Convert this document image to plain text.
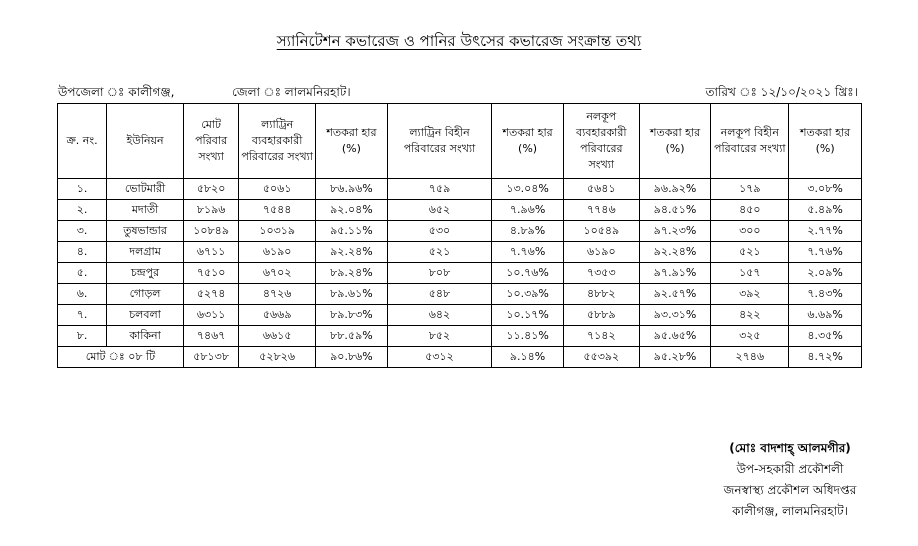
স্যানিটেশন কভারেজ ও পানির উৎসের কভারেজ সংক্রান্ত তথ্য
উপজেলা ঃ কালীগঞ্জ,	জেলা ঃ লালমনিরহাট।	তারিখ ঃ ১২/১০/২০২১ খ্রিঃ।
ক্র. নং.	ইউনিয়ন	মোট পরিবার সংখ্যা	ল্যাট্রিন ব্যবহারকারী পরিবারের সংখ্যা	শতকরা হার (%)	ল্যাট্রিন বিহীন পরিবারের সংখ্যা	শতকরা হার (%)	নলকূপ ব্যবহারকারী পরিবারের সংখ্যা	শতকরা হার (%)	নলকূপ বিহীন পরিবারের সংখ্যা	শতকরা হার (%)
১.	ভোটমারী	৫৮২০	৫০৬১	৮৬.৯৬%	৭৫৯	১৩.০৪%	৫৬৪১	৯৬.৯২%	১৭৯	৩.০৮%
২.	মদাতী	৮১৯৬	৭৫৪৪	৯২.০৪%	৬৫২	৭.৯৬%	৭৭৪৬	৯৪.৫১%	৪৫০	৫.৪৯%
৩.	তুষভান্ডার	১০৮৪৯	১০৩১৯	৯৫.১১%	৫৩০	৪.৮৯%	১০৫৪৯	৯৭.২৩%	৩০০	২.৭৭%
৪.	দলগ্রাম	৬৭১১	৬১৯০	৯২.২৪%	৫২১	৭.৭৬%	৬১৯০	৯২.২৪%	৫২১	৭.৭৬%
৫.	চন্দ্রপুর	৭৫১০	৬৭০২	৮৯.২৪%	৮০৮	১০.৭৬%	৭৩৫৩	৯৭.৯১%	১৫৭	২.০৯%
৬.	গোড়ল	৫২৭৪	৪৭২৬	৮৯.৬১%	৫৪৮	১০.৩৯%	৪৮৮২	৯২.৫৭%	৩৯২	৭.৪৩%
৭.	চলবলা	৬৩১১	৫৬৬৯	৮৯.৮৩%	৬৪২	১০.১৭%	৫৮৮৯	৯৩.৩১%	৪২২	৬.৬৯%
৮.	কাকিনা	৭৪৬৭	৬৬১৫	৮৮.৫৯%	৮৫২	১১.৪১%	৭১৪২	৯৫.৬৫%	৩২৫	৪.৩৫%
মোট ঃ ০৮ টি		৫৮১৩৮	৫২৮২৬	৯০.৮৬%	৫৩১২	৯.১৪%	৫৫৩৯২	৯৫.২৮%	২৭৪৬	৪.৭২%
(মোঃ বাদশাহ্‌ আলমগীর)
উপ-সহকারী প্রকৌশলী
জনস্বাস্থ্য প্রকৌশল অধিদপ্তর
কালীগঞ্জ, লালমনিরহাট।
